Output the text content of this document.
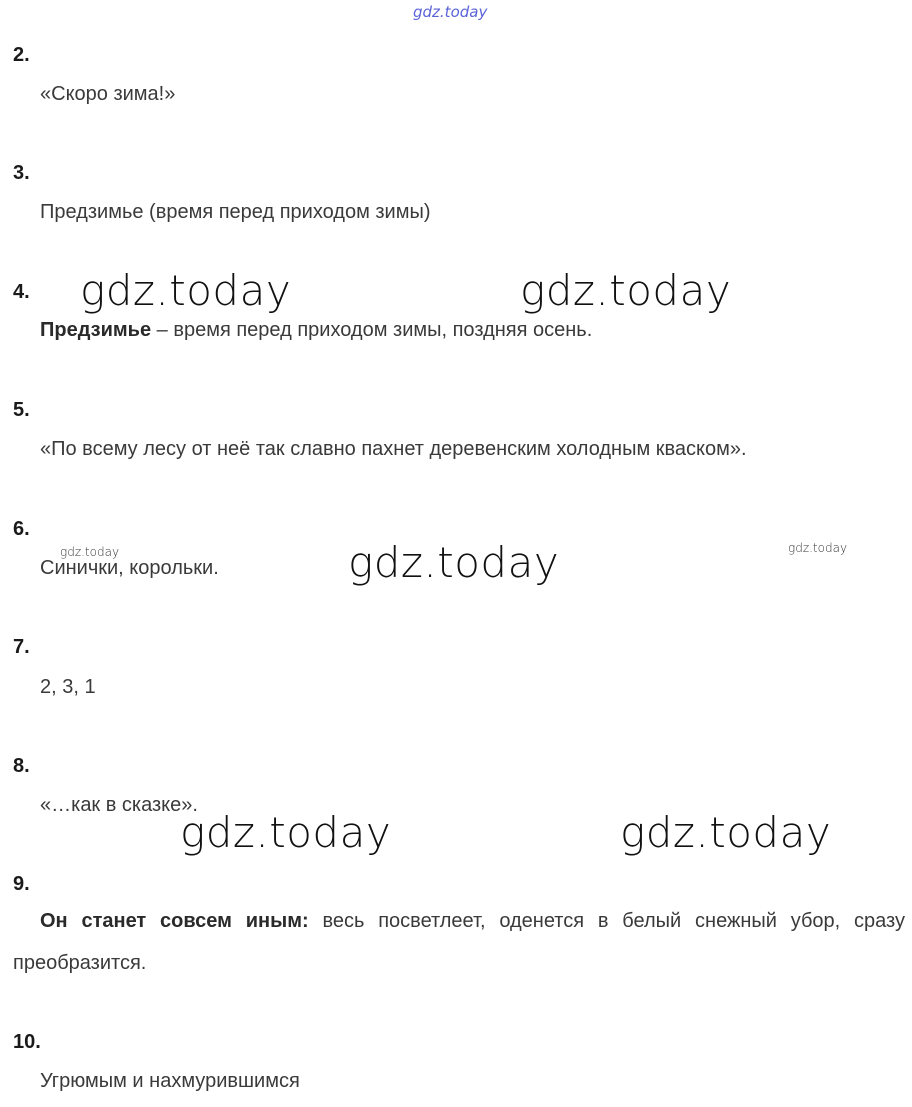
gdz.today
2.
«Скоро зима!»
3.
Предзимье (время перед приходом зимы)
4. gdz.today	gdz.today
Предзимье – время перед приходом зимы, поздняя осень.
5.
«По всему лесу от неё так славно пахнет деревенским холодным кваском».
6.
gdz.today	gdz.today
Синички, корольки.	gdz.today
7.
2, 3, 1
8.
«…как в сказке».
gdz.today	gdz.today
9.
Он станет совсем иным: весь посветлеет, оденется в белый снежный убор, сразу преобразится.
10.
Угрюмым и нахмурившимся
